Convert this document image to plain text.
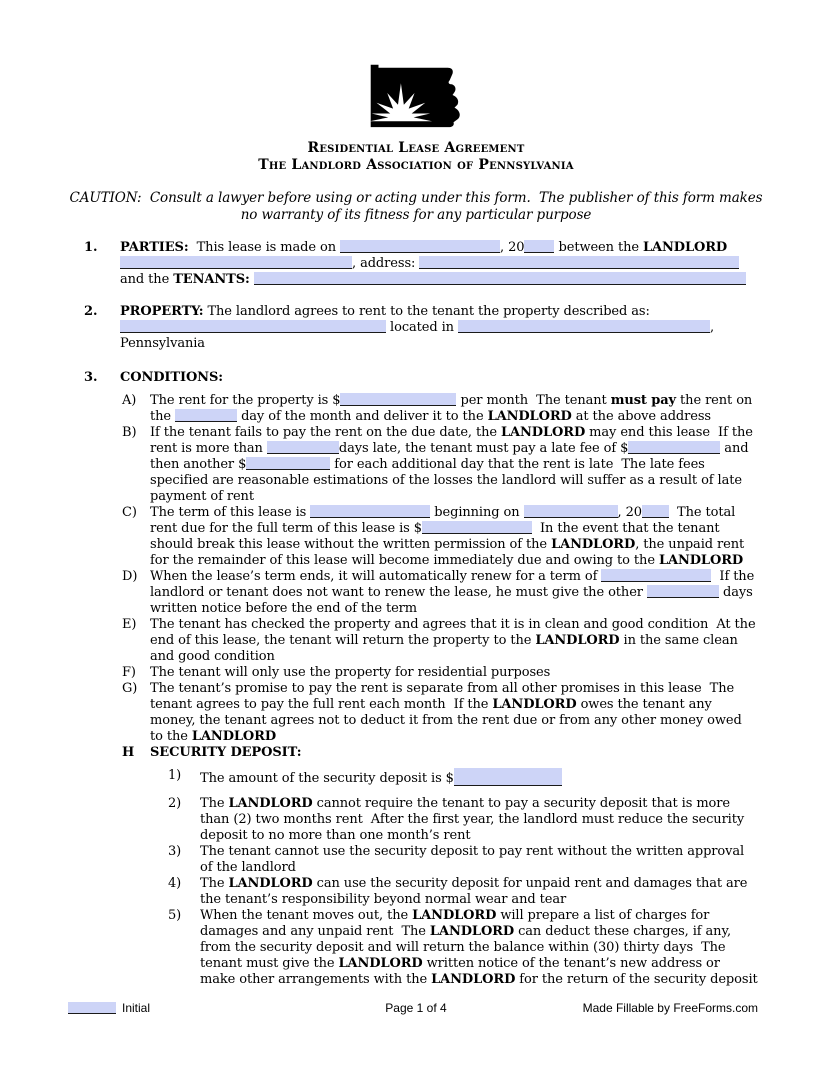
Residential Lease Agreement
The Landlord Association of Pennsylvania
CAUTION:  Consult a lawyer before using or acting under this form.  The publisher of this form makes
no warranty of its fitness for any particular purpose
1. PARTIES:  This lease is made on	, 20 between the LANDLORD , address:  and the TENANTS:
2. PROPERTY: The landlord agrees to rent to the tenant the property described as:  located in	, Pennsylvania
3. CONDITIONS:
A) The rent for the property is $	per month  The tenant must pay the rent on the	day of the month and deliver it to the LANDLORD at the above address
B) If the tenant fails to pay the rent on the due date, the LANDLORD may end this lease  If the rent is more than	days late, the tenant must pay a late fee of $	and then another $	for each additional day that the rent is late  The late fees specified are reasonable estimations of the losses the landlord will suffer as a result of late payment of rent
C) The term of this lease is	beginning on	, 20  The total rent due for the full term of this lease is $	In the event that the tenant should break this lease without the written permission of the LANDLORD, the unpaid rent for the remainder of this lease will become immediately due and owing to the LANDLORD
D) When the lease’s term ends, it will automatically renew for a term of	If the landlord or tenant does not want to renew the lease, he must give the other	days written notice before the end of the term
E) The tenant has checked the property and agrees that it is in clean and good condition  At the end of this lease, the tenant will return the property to the LANDLORD in the same clean and good condition
F) The tenant will only use the property for residential purposes
G) The tenant’s promise to pay the rent is separate from all other promises in this lease  The tenant agrees to pay the full rent each month  If the LANDLORD owes the tenant any money, the tenant agrees not to deduct it from the rent due or from any other money owed to the LANDLORD
H SECURITY DEPOSIT:
1) The amount of the security deposit is $
2) The LANDLORD cannot require the tenant to pay a security deposit that is more than (2) two months rent  After the first year, the landlord must reduce the security deposit to no more than one month’s rent
3) The tenant cannot use the security deposit to pay rent without the written approval of the landlord
4) The LANDLORD can use the security deposit for unpaid rent and damages that are the tenant’s responsibility beyond normal wear and tear
5) When the tenant moves out, the LANDLORD will prepare a list of charges for damages and any unpaid rent  The LANDLORD can deduct these charges, if any, from the security deposit and will return the balance within (30) thirty days  The tenant must give the LANDLORD written notice of the tenant’s new address or make other arrangements with the LANDLORD for the return of the security deposit
Initial	Page 1 of 4	Made Fillable by FreeForms.com
